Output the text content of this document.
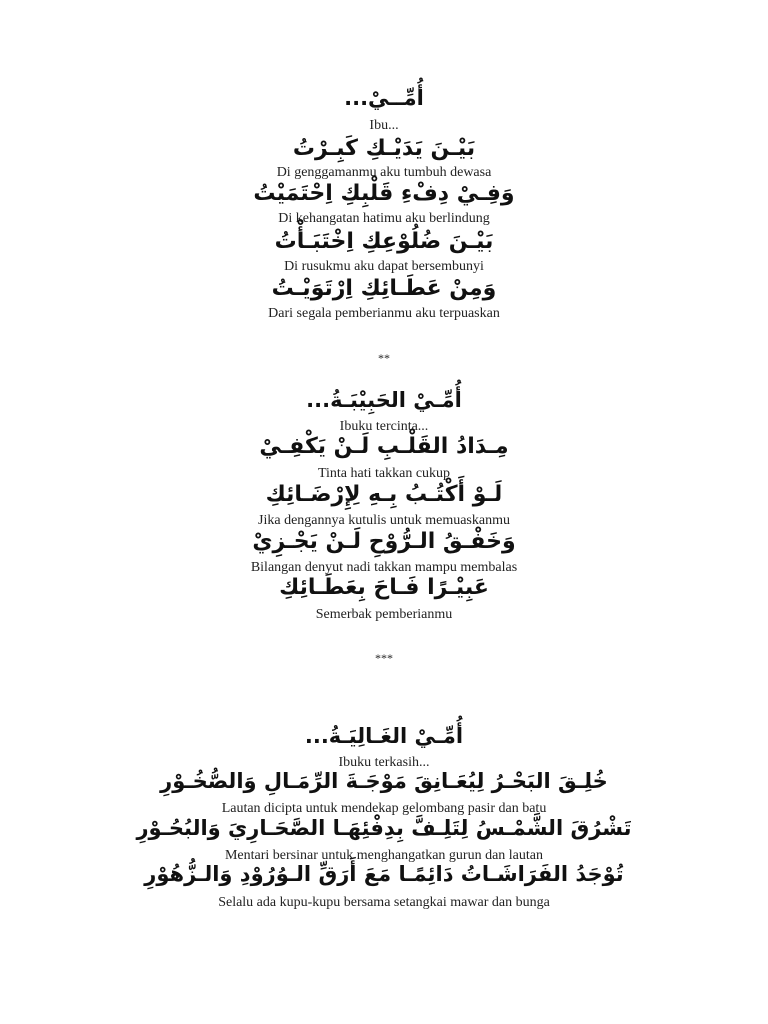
أُمِّــيْ...
Ibu...
بَيْـنَ يَدَيْـكِ كَبِـرْتُ
Di genggamanmu aku tumbuh dewasa
وَفِـيْ دِفْءِ قَلْبِكِ اِحْتَمَيْتُ
Di kehangatan hatimu aku berlindung
بَيْـنَ ضُلُوْعِكِ اِخْتَبَـأْتُ
Di rusukmu aku dapat bersembunyi
وَمِنْ عَطَـائِكِ اِرْتَوَيْـتُ
Dari segala pemberianmu aku terpuaskan
**
أُمِّـيْ الحَبِيْبَـةُ...
Ibuku tercinta...
مِـدَادُ القَلْـبِ لَـنْ يَكْفِـيْ
Tinta hati takkan cukup
لَـوْ أَكْتُـبُ بِـهِ لِإِرْضَـائِكِ
Jika dengannya kutulis untuk memuaskanmu
وَخَفْـقُ الـرُّوْحِ لَـنْ يَجْـزِيْ
Bilangan denyut nadi takkan mampu membalas
عَبِيْـرًا فَـاحَ بِعَطَـائِكِ
Semerbak pemberianmu
***
أُمِّـيْ الغَـالِيَـةُ...
Ibuku terkasih...
خُلِـقَ البَحْـرُ لِيُعَـانِقَ مَوْجَـةَ الرِّمَـالِ وَالصُّخُـوْرِ
Lautan dicipta untuk mendekap gelombang pasir dan batu
تَشْرُقَ الشَّمْـسُ لِتَلِـفَّ بِدِفْئِهَـا الصَّحَـارِيَ وَالبُحُـوْرِ
Mentari bersinar untuk menghangatkan gurun dan lautan
تُوْجَدُ الفَرَاشَـاتُ دَائِمًـا مَعَ أَرَقِّ الـوُرُوْدِ وَالـزُّهُوْرِ
Selalu ada kupu-kupu bersama setangkai mawar dan bunga
